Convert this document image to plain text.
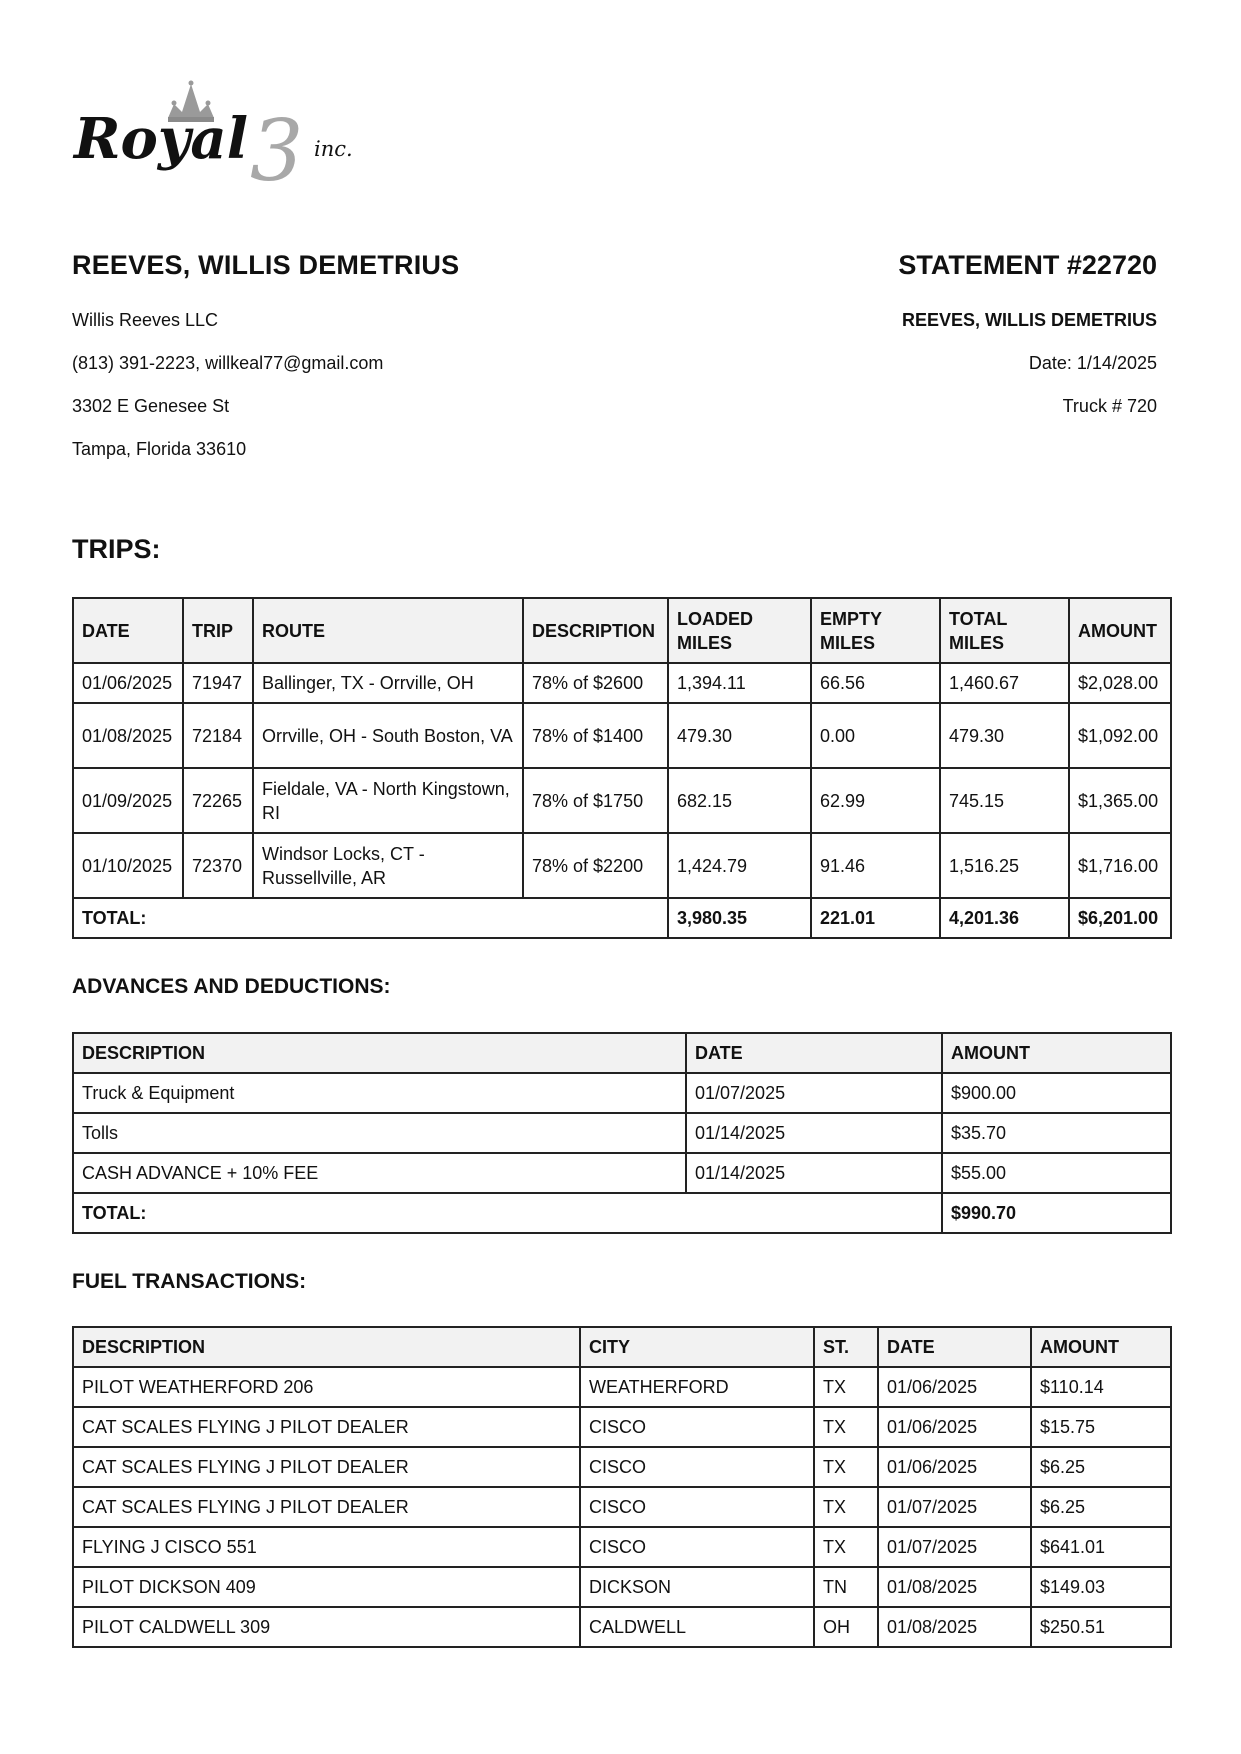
Royal 3 inc.
REEVES, WILLIS DEMETRIUS	STATEMENT #22720
Willis Reeves LLC
(813) 391-2223, willkeal77@gmail.com
3302 E Genesee St
Tampa, Florida 33610
REEVES, WILLIS DEMETRIUS
Date: 1/14/2025
Truck # 720
TRIPS:
DATE	TRIP	ROUTE	DESCRIPTION	LOADED MILES	EMPTY MILES	TOTAL MILES	AMOUNT
01/06/2025	71947	Ballinger, TX - Orrville, OH	78% of $2600	1,394.11	66.56	1,460.67	$2,028.00
01/08/2025	72184	Orrville, OH - South Boston, VA	78% of $1400	479.30	0.00	479.30	$1,092.00
01/09/2025	72265	Fieldale, VA - North Kingstown, RI	78% of $1750	682.15	62.99	745.15	$1,365.00
01/10/2025	72370	Windsor Locks, CT - Russellville, AR	78% of $2200	1,424.79	91.46	1,516.25	$1,716.00
TOTAL:				3,980.35	221.01	4,201.36	$6,201.00
ADVANCES AND DEDUCTIONS:
DESCRIPTION	DATE	AMOUNT
Truck & Equipment	01/07/2025	$900.00
Tolls	01/14/2025	$35.70
CASH ADVANCE + 10% FEE	01/14/2025	$55.00
TOTAL:		$990.70
FUEL TRANSACTIONS:
DESCRIPTION	CITY	ST.	DATE	AMOUNT
PILOT WEATHERFORD 206	WEATHERFORD	TX	01/06/2025	$110.14
CAT SCALES FLYING J PILOT DEALER	CISCO	TX	01/06/2025	$15.75
CAT SCALES FLYING J PILOT DEALER	CISCO	TX	01/06/2025	$6.25
CAT SCALES FLYING J PILOT DEALER	CISCO	TX	01/07/2025	$6.25
FLYING J CISCO 551	CISCO	TX	01/07/2025	$641.01
PILOT DICKSON 409	DICKSON	TN	01/08/2025	$149.03
PILOT CALDWELL 309	CALDWELL	OH	01/08/2025	$250.51
